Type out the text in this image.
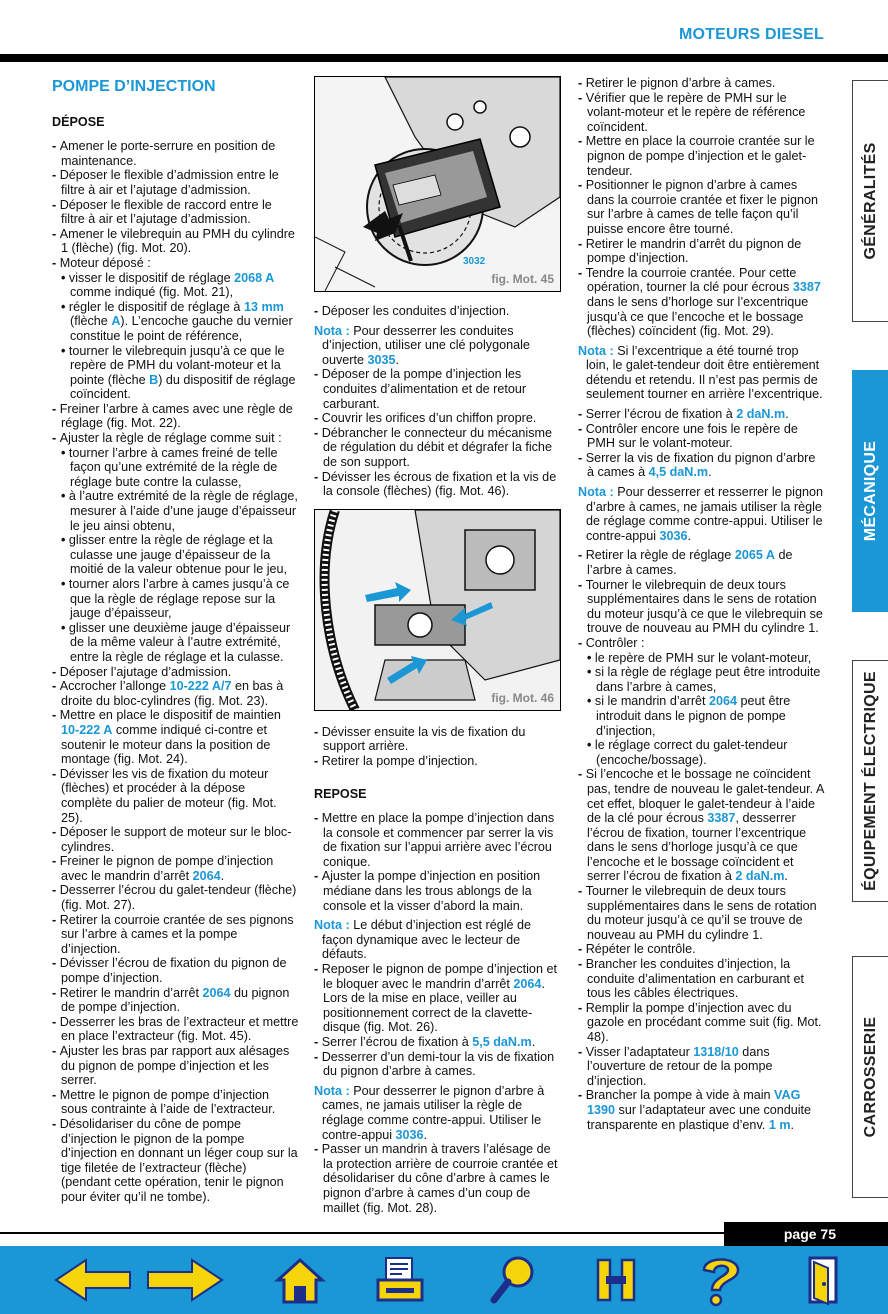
MOTEURS DIESEL
POMPE D’INJECTION
DÉPOSE

- Amener le porte-serrure en position de maintenance.

- Déposer le flexible d’admission entre le filtre à air et l’ajutage d’admission.

- Déposer le flexible de raccord entre le filtre à air et l’ajutage d’admission.

- Amener le vilebrequin au PMH du cylindre 1 (flèche) (fig. Mot. 20).

- Moteur déposé :

• visser le dispositif de réglage 2068 A comme indiqué (fig. Mot. 21),

• régler le dispositif de réglage à 13 mm (flèche A). L’encoche gauche du vernier constitue le point de référence,

• tourner le vilebrequin jusqu’à ce que le repère de PMH du volant-moteur et la pointe (flèche B) du dispositif de réglage coïncident.

- Freiner l’arbre à cames avec une règle de réglage (fig. Mot. 22).

- Ajuster la règle de réglage comme suit :

• tourner l’arbre à cames freiné de telle façon qu’une extrémité de la règle de réglage bute contre la culasse,

• à l’autre extrémité de la règle de réglage, mesurer à l’aide d’une jauge d’épaisseur le jeu ainsi obtenu,

• glisser entre la règle de réglage et la culasse une jauge d’épaisseur de la moitié de la valeur obtenue pour le jeu,

• tourner alors l’arbre à cames jusqu’à ce que la règle de réglage repose sur la jauge d’épaisseur,

• glisser une deuxième jauge d’épaisseur de la même valeur à l’autre extrémité, entre la règle de réglage et la culasse.

- Déposer l’ajutage d’admission.

- Accrocher l’allonge 10-222 A/7 en bas à droite du bloc-cylindres (fig. Mot. 23).

- Mettre en place le dispositif de maintien 10-222 A comme indiqué ci-contre et soutenir le moteur dans la position de montage (fig. Mot. 24).

- Dévisser les vis de fixation du moteur (flèches) et procéder à la dépose complète du palier de moteur (fig. Mot. 25).

- Déposer le support de moteur sur le bloc-cylindres.

- Freiner le pignon de pompe d’injection avec le mandrin d’arrêt 2064.

- Desserrer l’écrou du galet-tendeur (flèche) (fig. Mot. 27).

- Retirer la courroie crantée de ses pignons sur l’arbre à cames et la pompe d’injection.

- Dévisser l’écrou de fixation du pignon de pompe d’injection.

- Retirer le mandrin d’arrêt 2064 du pignon de pompe d’injection.

- Desserrer les bras de l’extracteur et mettre en place l’extracteur (fig. Mot. 45).

- Ajuster les bras par rapport aux alésages du pignon de pompe d’injection et les serrer.

- Mettre le pignon de pompe d’injection sous contrainte à l’aide de l’extracteur.

- Désolidariser du cône de pompe d’injection le pignon de la pompe d’injection en donnant un léger coup sur la tige filetée de l’extracteur (flèche) (pendant cette opération, tenir le pignon pour éviter qu’il ne tombe).

3032
fig. Mot. 45

- Déposer les conduites d’injection.

Nota : Pour desserrer les conduites d’injection, utiliser une clé polygonale ouverte 3035.

- Déposer de la pompe d’injection les conduites d’alimentation et de retour carburant.

- Couvrir les orifices d’un chiffon propre.

- Débrancher le connecteur du mécanisme de régulation du débit et dégrafer la fiche de son support.

- Dévisser les écrous de fixation et la vis de la console (flèches) (fig. Mot. 46).

fig. Mot. 46

- Dévisser ensuite la vis de fixation du support arrière.

- Retirer la pompe d’injection.

REPOSE

- Mettre en place la pompe d’injection dans la console et commencer par serrer la vis de fixation sur l’appui arrière avec l’écrou conique.

- Ajuster la pompe d’injection en position médiane dans les trous ablongs de la console et la visser d’abord la main.

Nota : Le début d’injection est réglé de façon dynamique avec le lecteur de défauts.

- Reposer le pignon de pompe d’injection et le bloquer avec le mandrin d’arrêt 2064. Lors de la mise en place, veiller au positionnement correct de la clavette-disque (fig. Mot. 26).

- Serrer l’écrou de fixation à 5,5 daN.m.

- Desserrer d’un demi-tour la vis de fixation du pignon d’arbre à cames.

Nota : Pour desserrer le pignon d’arbre à cames, ne jamais utiliser la règle de réglage comme contre-appui. Utiliser le contre-appui 3036.

- Passer un mandrin à travers l’alésage de la protection arrière de courroie crantée et désolidariser du cône d’arbre à cames le pignon d’arbre à cames d’un coup de maillet (fig. Mot. 28).

- Retirer le pignon d’arbre à cames.

- Vérifier que le repère de PMH sur le volant-moteur et le repère de référence coïncident.

- Mettre en place la courroie crantée sur le pignon de pompe d’injection et le galet-tendeur.

- Positionner le pignon d’arbre à cames dans la courroie crantée et fixer le pignon sur l’arbre à cames de telle façon qu’il puisse encore être tourné.

- Retirer le mandrin d’arrêt du pignon de pompe d’injection.

- Tendre la courroie crantée. Pour cette opération, tourner la clé pour écrous 3387 dans le sens d’horloge sur l’excentrique jusqu’à ce que l’encoche et le bossage (flèches) coïncident (fig. Mot. 29).

Nota : Si l’excentrique a été tourné trop loin, le galet-tendeur doit être entièrement détendu et retendu. Il n’est pas permis de seulement tourner en arrière l’excentrique.

- Serrer l’écrou de fixation à 2 daN.m.

- Contrôler encore une fois le repère de PMH sur le volant-moteur.

- Serrer la vis de fixation du pignon d’arbre à cames à 4,5 daN.m.

Nota : Pour desserrer et resserrer le pignon d’arbre à cames, ne jamais utiliser la règle de réglage comme contre-appui. Utiliser le contre-appui 3036.

- Retirer la règle de réglage 2065 A de l’arbre à cames.

- Tourner le vilebrequin de deux tours supplémentaires dans le sens de rotation du moteur jusqu’à ce que le vilebrequin se trouve de nouveau au PMH du cylindre 1.

- Contrôler :

• le repère de PMH sur le volant-moteur,

• si la règle de réglage peut être introduite dans l’arbre à cames,

• si le mandrin d’arrêt 2064 peut être introduit dans le pignon de pompe d’injection,

• le réglage correct du galet-tendeur (encoche/bossage).

- Si l’encoche et le bossage ne coïncident pas, tendre de nouveau le galet-tendeur. A cet effet, bloquer le galet-tendeur à l’aide de la clé pour écrous 3387, desserrer l’écrou de fixation, tourner l’excentrique dans le sens d’horloge jusqu’à ce que l’encoche et le bossage coïncident et serrer l’écrou de fixation à 2 daN.m.

- Tourner le vilebrequin de deux tours supplémentaires dans le sens de rotation du moteur jusqu’à ce qu’il se trouve de nouveau au PMH du cylindre 1.

- Répéter le contrôle.

- Brancher les conduites d’injection, la conduite d’alimentation en carburant et tous les câbles électriques.

- Remplir la pompe d’injection avec du gazole en procédant comme suit (fig. Mot. 48).

- Visser l’adaptateur 1318/10 dans l’ouverture de retour de la pompe d’injection.

- Brancher la pompe à vide à main VAG 1390 sur l’adaptateur avec une conduite transparente en plastique d’env. 1 m.

GÉNÉRALITÉS
MÉCANIQUE
ÉQUIPEMENT ÉLECTRIQUE
CARROSSERIE
page 75
